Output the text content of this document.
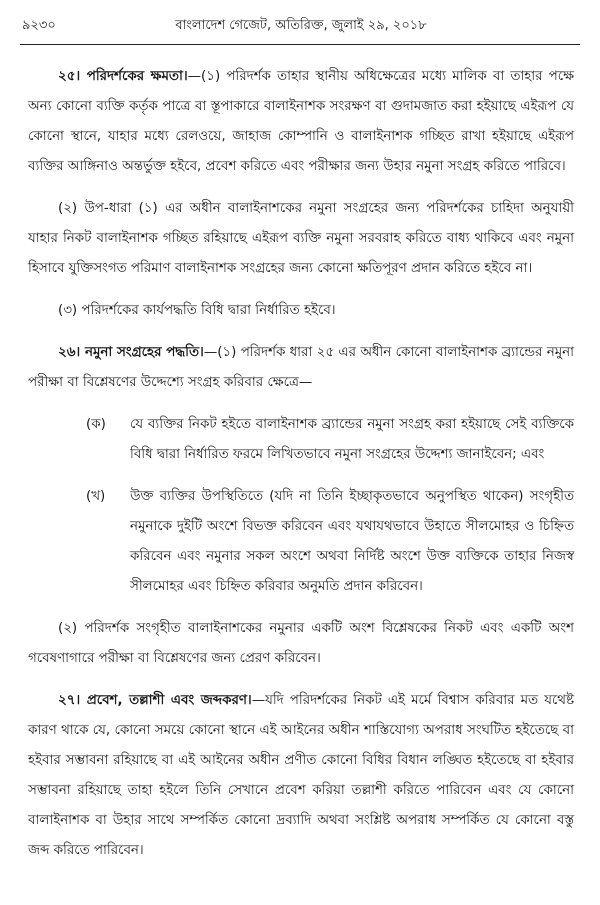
৯২৩০	বাংলাদেশ গেজেট, অতিরিক্ত, জুলাই ২৯, ২০১৮

২৫। পরিদর্শকের ক্ষমতা।—(১) পরিদর্শক তাহার স্থানীয় অধিক্ষেত্রের মধ্যে মালিক বা তাহার পক্ষে অন্য কোনো ব্যক্তি কর্তৃক পাত্রে বা স্তূপাকারে বালাইনাশক সংরক্ষণ বা গুদামজাত করা হইয়াছে এইরূপ যে কোনো স্থানে, যাহার মধ্যে রেলওয়ে, জাহাজ কোম্পানি ও বালাইনাশক গচ্ছিত রাখা হইয়াছে এইরূপ ব্যক্তির আঙ্গিনাও অন্তর্ভুক্ত হইবে, প্রবেশ করিতে এবং পরীক্ষার জন্য উহার নমুনা সংগ্রহ করিতে পারিবে।

(২) উপ-ধারা (১) এর অধীন বালাইনাশকের নমুনা সংগ্রহের জন্য পরিদর্শকের চাহিদা অনুযায়ী যাহার নিকট বালাইনাশক গচ্ছিত রহিয়াছে এইরূপ ব্যক্তি নমুনা সরবরাহ করিতে বাধ্য থাকিবে এবং নমুনা হিসাবে যুক্তিসংগত পরিমাণ বালাইনাশক সংগ্রহের জন্য কোনো ক্ষতিপূরণ প্রদান করিতে হইবে না।

(৩) পরিদর্শকের কার্যপদ্ধতি বিধি দ্বারা নির্ধারিত হইবে।

২৬। নমুনা সংগ্রহের পদ্ধতি।—(১) পরিদর্শক ধারা ২৫ এর অধীন কোনো বালাইনাশক ব্র্যান্ডের নমুনা পরীক্ষা বা বিশ্লেষণের উদ্দেশ্যে সংগ্রহ করিবার ক্ষেত্রে—

(ক)	যে ব্যক্তির নিকট হইতে বালাইনাশক ব্র্যান্ডের নমুনা সংগ্রহ করা হইয়াছে সেই ব্যক্তিকে বিধি দ্বারা নির্ধারিত ফরমে লিখিতভাবে নমুনা সংগ্রহের উদ্দেশ্য জানাইবেন; এবং

(খ)	উক্ত ব্যক্তির উপস্থিতিতে (যদি না তিনি ইচ্ছাকৃতভাবে অনুপস্থিত থাকেন) সংগৃহীত নমুনাকে দুইটি অংশে বিভক্ত করিবেন এবং যথাযথভাবে উহাতে সীলমোহর ও চিহ্নিত করিবেন এবং নমুনার সকল অংশে অথবা নির্দিষ্ট অংশে উক্ত ব্যক্তিকে তাহার নিজস্ব সীলমোহর এবং চিহ্নিত করিবার অনুমতি প্রদান করিবেন।

(২) পরিদর্শক সংগৃহীত বালাইনাশকের নমুনার একটি অংশ বিশ্লেষকের নিকট এবং একটি অংশ গবেষণাগারে পরীক্ষা বা বিশ্লেষণের জন্য প্রেরণ করিবেন।

২৭। প্রবেশ, তল্লাশী এবং জব্দকরণ।—যদি পরিদর্শকের নিকট এই মর্মে বিশ্বাস করিবার মত যথেষ্ট কারণ থাকে যে, কোনো সময়ে কোনো স্থানে এই আইনের অধীন শাস্তিযোগ্য অপরাধ সংঘটিত হইতেছে বা হইবার সম্ভাবনা রহিয়াছে বা এই আইনের অধীন প্রণীত কোনো বিধির বিধান লঙ্ঘিত হইতেছে বা হইবার সম্ভাবনা রহিয়াছে তাহা হইলে তিনি সেখানে প্রবেশ করিয়া তল্লাশী করিতে পারিবেন এবং যে কোনো বালাইনাশক বা উহার সাথে সম্পর্কিত কোনো দ্রব্যাদি অথবা সংশ্লিষ্ট অপরাধ সম্পর্কিত যে কোনো বস্তু জব্দ করিতে পারিবেন।
